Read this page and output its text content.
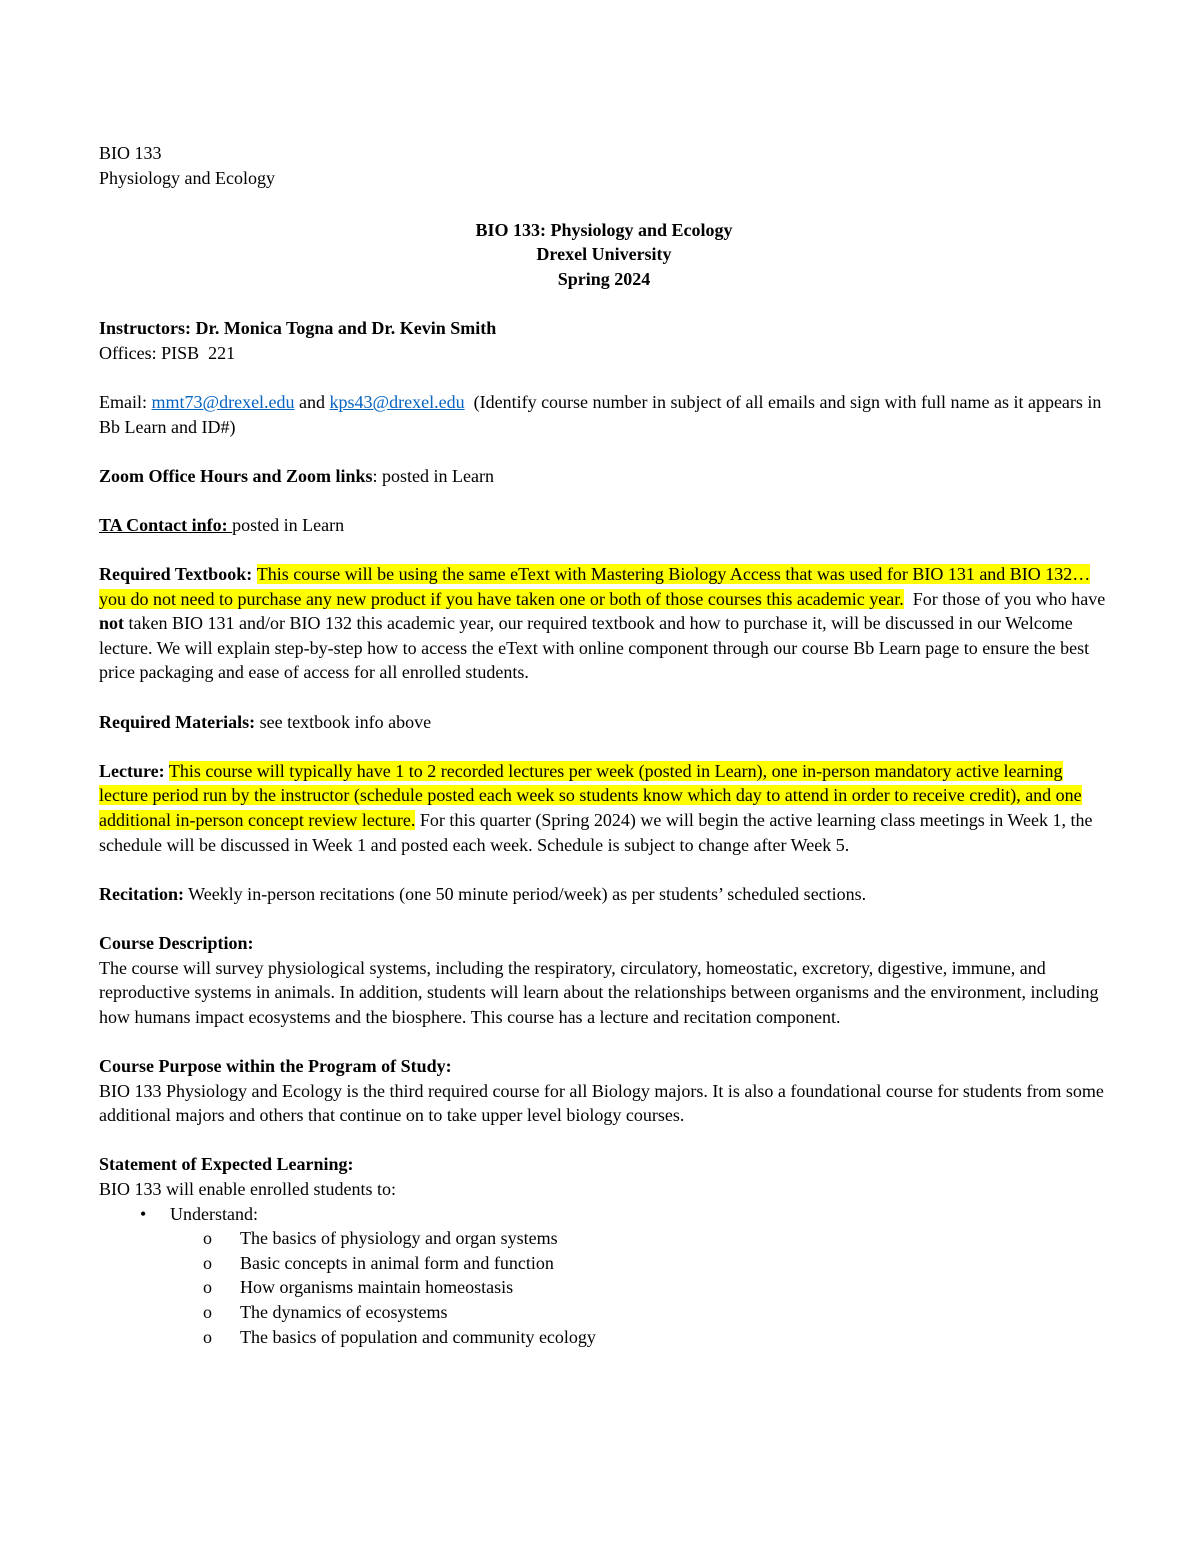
BIO 133

Physiology and Ecology

BIO 133: Physiology and Ecology

Drexel University

Spring 2024

Instructors: Dr. Monica Togna and Dr. Kevin Smith

Offices: PISB  221

Email: mmt73@drexel.edu and kps43@drexel.edu  (Identify course number in subject of all emails and sign with full name as it appears in Bb Learn and ID#)

Zoom Office Hours and Zoom links: posted in Learn

TA Contact info: posted in Learn

Required Textbook: This course will be using the same eText with Mastering Biology Access that was used for BIO 131 and BIO 132…you do not need to purchase any new product if you have taken one or both of those courses this academic year.  For those of you who have not taken BIO 131 and/or BIO 132 this academic year, our required textbook and how to purchase it, will be discussed in our Welcome lecture. We will explain step-by-step how to access the eText with online component through our course Bb Learn page to ensure the best price packaging and ease of access for all enrolled students.

Required Materials: see textbook info above

Lecture: This course will typically have 1 to 2 recorded lectures per week (posted in Learn), one in-person mandatory active learning lecture period run by the instructor (schedule posted each week so students know which day to attend in order to receive credit), and one additional in-person concept review lecture. For this quarter (Spring 2024) we will begin the active learning class meetings in Week 1, the schedule will be discussed in Week 1 and posted each week. Schedule is subject to change after Week 5.

Recitation: Weekly in-person recitations (one 50 minute period/week) as per students’ scheduled sections.

Course Description:

The course will survey physiological systems, including the respiratory, circulatory, homeostatic, excretory, digestive, immune, and reproductive systems in animals. In addition, students will learn about the relationships between organisms and the environment, including how humans impact ecosystems and the biosphere. This course has a lecture and recitation component.

Course Purpose within the Program of Study:

BIO 133 Physiology and Ecology is the third required course for all Biology majors. It is also a foundational course for students from some additional majors and others that continue on to take upper level biology courses.

Statement of Expected Learning:

BIO 133 will enable enrolled students to:

• Understand:
o The basics of physiology and organ systems
o Basic concepts in animal form and function
o How organisms maintain homeostasis
o The dynamics of ecosystems
o The basics of population and community ecology
